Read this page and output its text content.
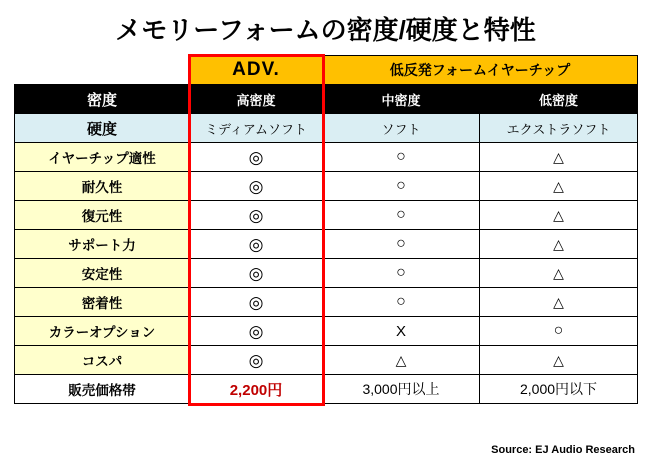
メモリーフォームの密度/硬度と特性
	ADV.	低反発フォームイヤーチップ	
密度	高密度	中密度	低密度
硬度	ミディアムソフト	ソフト	エクストラソフト
イヤーチップ適性	◎	○	△
耐久性	◎	○	△
復元性	◎	○	△
サポート力	◎	○	△
安定性	◎	○	△
密着性	◎	○	△
カラーオプション	◎	X	○
コスパ	◎	△	△
販売価格帯	2,200円	3,000円以上	2,000円以下
Source: EJ Audio Research
